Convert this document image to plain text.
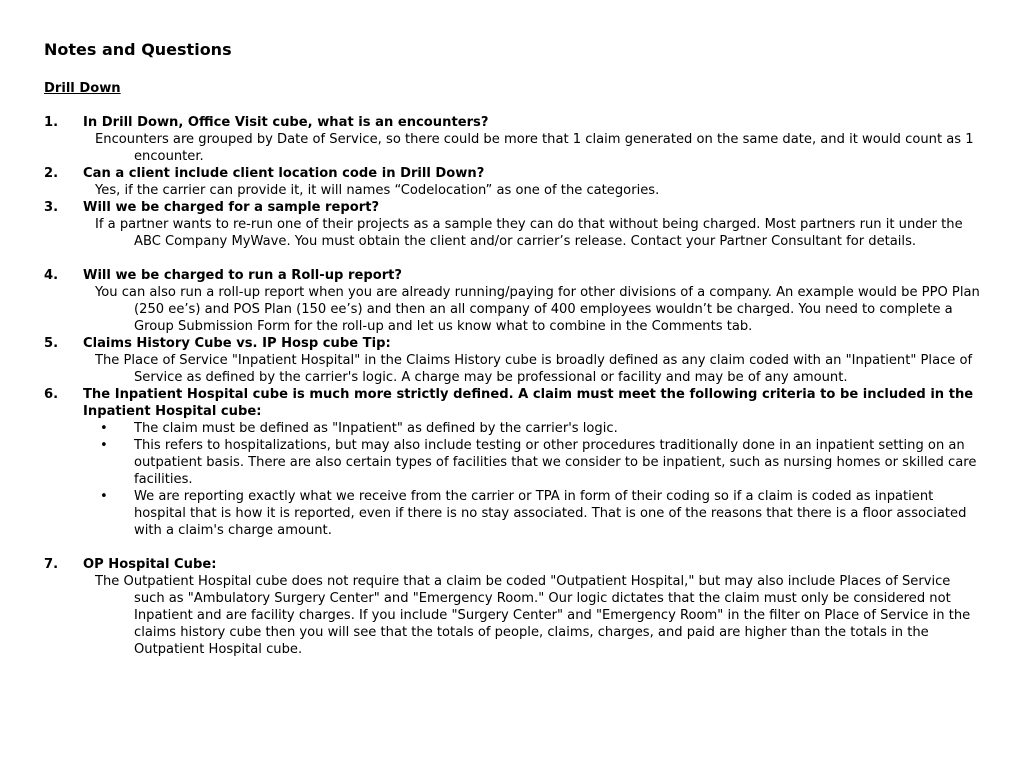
Notes and Questions
Drill Down
1. In Drill Down, Office Visit cube, what is an encounters?
Encounters are grouped by Date of Service, so there could be more that 1 claim generated on the same date, and it would count as 1 encounter.
2. Can a client include client location code in Drill Down?
Yes, if the carrier can provide it, it will names “Codelocation” as one of the categories.
3. Will we be charged for a sample report?
If a partner wants to re-run one of their projects as a sample they can do that without being charged. Most partners run it under the ABC Company MyWave. You must obtain the client and/or carrier’s release. Contact your Partner Consultant for details.
4. Will we be charged to run a Roll-up report?
You can also run a roll-up report when you are already running/paying for other divisions of a company. An example would be PPO Plan (250 ee’s) and POS Plan (150 ee’s) and then an all company of 400 employees wouldn’t be charged. You need to complete a Group Submission Form for the roll-up and let us know what to combine in the Comments tab.
5. Claims History Cube vs. IP Hosp cube Tip:
The Place of Service "Inpatient Hospital" in the Claims History cube is broadly defined as any claim coded with an "Inpatient" Place of Service as defined by the carrier's logic. A charge may be professional or facility and may be of any amount.
6. The Inpatient Hospital cube is much more strictly defined. A claim must meet the following criteria to be included in the Inpatient Hospital cube:
• The claim must be defined as "Inpatient" as defined by the carrier's logic.
• This refers to hospitalizations, but may also include testing or other procedures traditionally done in an inpatient setting on an outpatient basis. There are also certain types of facilities that we consider to be inpatient, such as nursing homes or skilled care facilities.
• We are reporting exactly what we receive from the carrier or TPA in form of their coding so if a claim is coded as inpatient hospital that is how it is reported, even if there is no stay associated. That is one of the reasons that there is a floor associated with a claim's charge amount.
7. OP Hospital Cube:
The Outpatient Hospital cube does not require that a claim be coded "Outpatient Hospital," but may also include Places of Service such as "Ambulatory Surgery Center" and "Emergency Room." Our logic dictates that the claim must only be considered not Inpatient and are facility charges. If you include "Surgery Center" and "Emergency Room" in the filter on Place of Service in the claims history cube then you will see that the totals of people, claims, charges, and paid are higher than the totals in the Outpatient Hospital cube.
